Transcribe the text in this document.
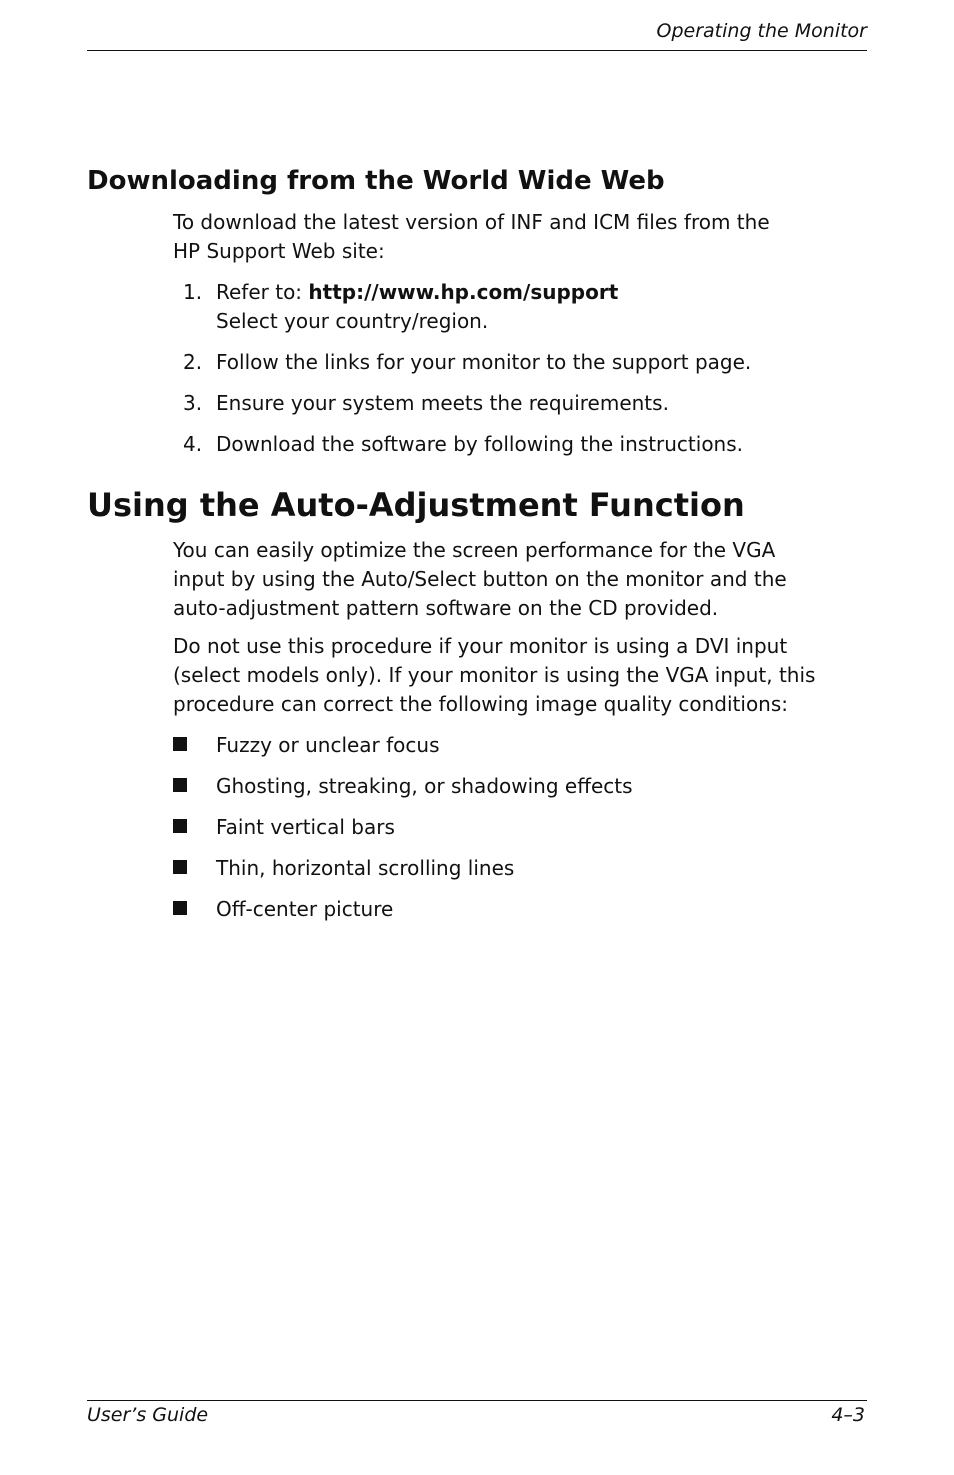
Operating the Monitor
Downloading from the World Wide Web

To download the latest version of INF and ICM files from the
HP Support Web site:

1. Refer to: http://www.hp.com/support
Select your country/region.

2. Follow the links for your monitor to the support page.

3. Ensure your system meets the requirements.

4. Download the software by following the instructions.

Using the Auto-Adjustment Function

You can easily optimize the screen performance for the VGA
input by using the Auto/Select button on the monitor and the
auto-adjustment pattern software on the CD provided.

Do not use this procedure if your monitor is using a DVI input
(select models only). If your monitor is using the VGA input, this
procedure can correct the following image quality conditions:

Fuzzy or unclear focus

Ghosting, streaking, or shadowing effects

Faint vertical bars

Thin, horizontal scrolling lines

Off-center picture

User’s Guide	4–3
